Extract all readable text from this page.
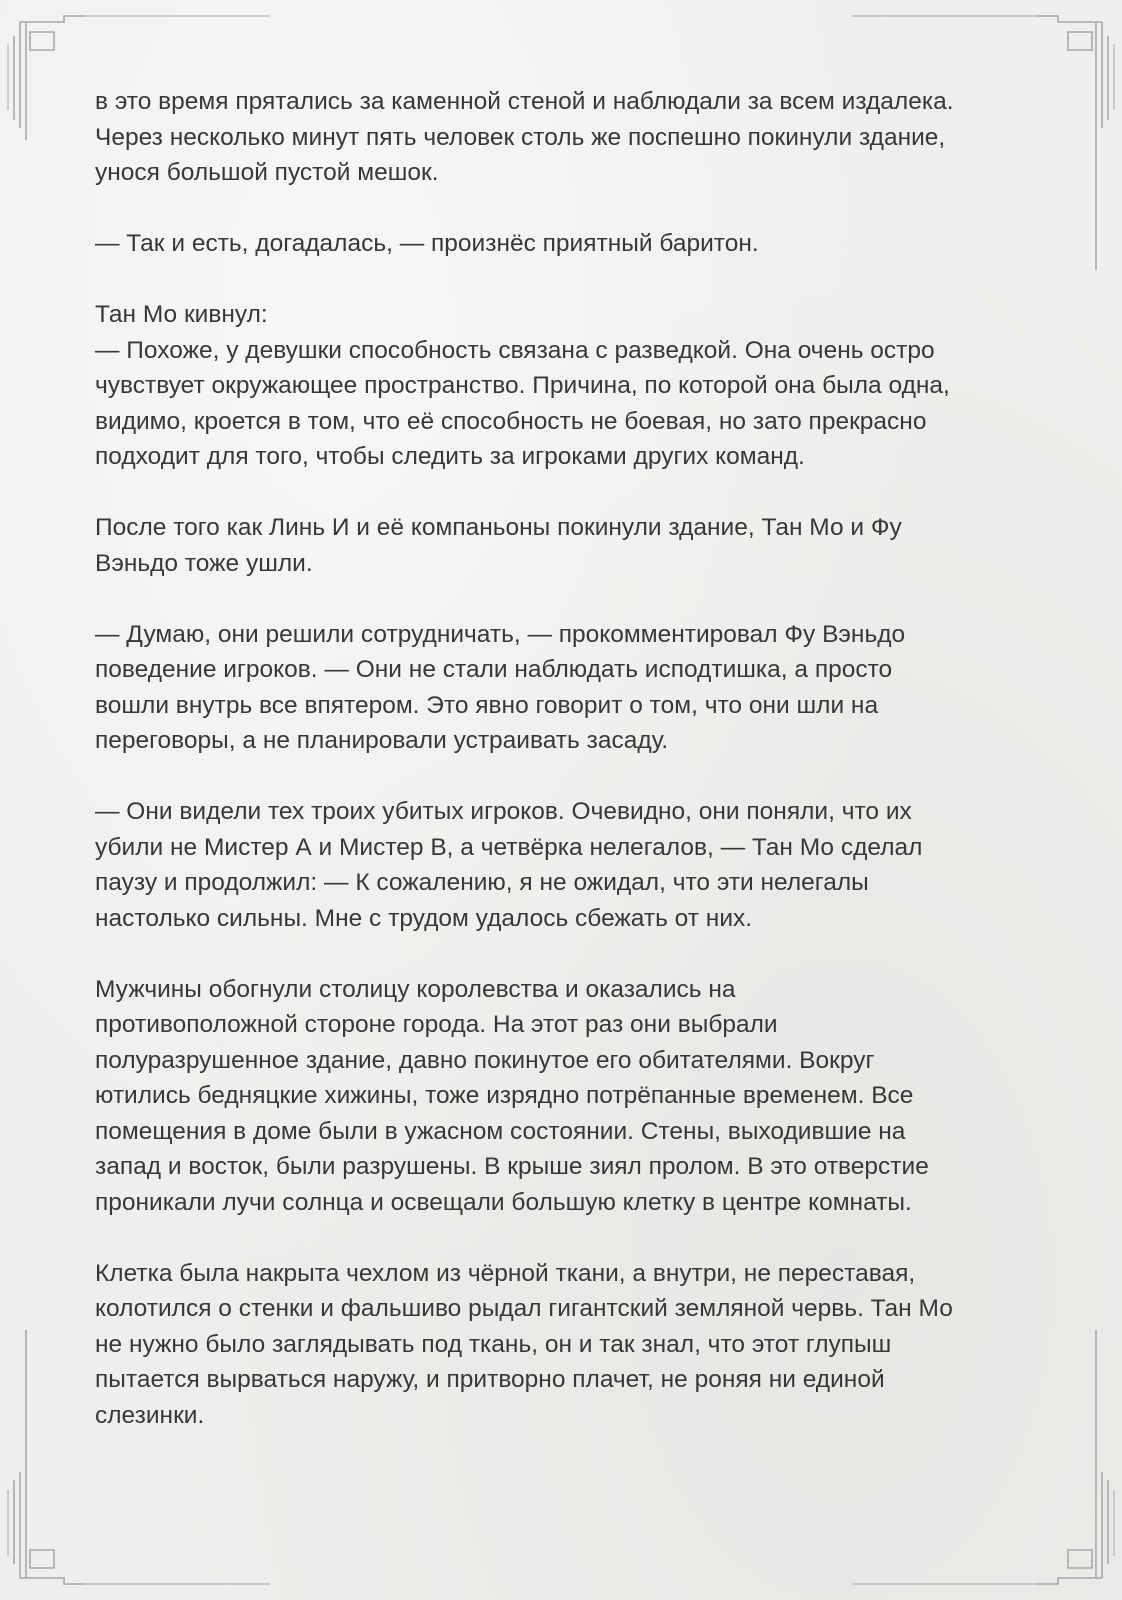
в это время прятались за каменной стеной и наблюдали за всем издалека.
Через несколько минут пять человек столь же поспешно покинули здание,
унося большой пустой мешок.

— Так и есть, догадалась, — произнёс приятный баритон.

Тан Мо кивнул:
— Похоже, у девушки способность связана с разведкой. Она очень остро
чувствует окружающее пространство. Причина, по которой она была одна,
видимо, кроется в том, что её способность не боевая, но зато прекрасно
подходит для того, чтобы следить за игроками других команд.

После того как Линь И и её компаньоны покинули здание, Тан Мо и Фу
Вэньдо тоже ушли.

— Думаю, они решили сотрудничать, — прокомментировал Фу Вэньдо
поведение игроков. — Они не стали наблюдать исподтишка, а просто
вошли внутрь все впятером. Это явно говорит о том, что они шли на
переговоры, а не планировали устраивать засаду.

— Они видели тех троих убитых игроков. Очевидно, они поняли, что их
убили не Мистер А и Мистер B, а четвёрка нелегалов, — Тан Мо сделал
паузу и продолжил: — К сожалению, я не ожидал, что эти нелегалы
настолько сильны. Мне с трудом удалось сбежать от них.

Мужчины обогнули столицу королевства и оказались на
противоположной стороне города. На этот раз они выбрали
полуразрушенное здание, давно покинутое его обитателями. Вокруг
ютились бедняцкие хижины, тоже изрядно потрёпанные временем. Все
помещения в доме были в ужасном состоянии. Стены, выходившие на
запад и восток, были разрушены. В крыше зиял пролом. В это отверстие
проникали лучи солнца и освещали большую клетку в центре комнаты.

Клетка была накрыта чехлом из чёрной ткани, а внутри, не переставая,
колотился о стенки и фальшиво рыдал гигантский земляной червь. Тан Мо
не нужно было заглядывать под ткань, он и так знал, что этот глупыш
пытается вырваться наружу, и притворно плачет, не роняя ни единой
слезинки.
